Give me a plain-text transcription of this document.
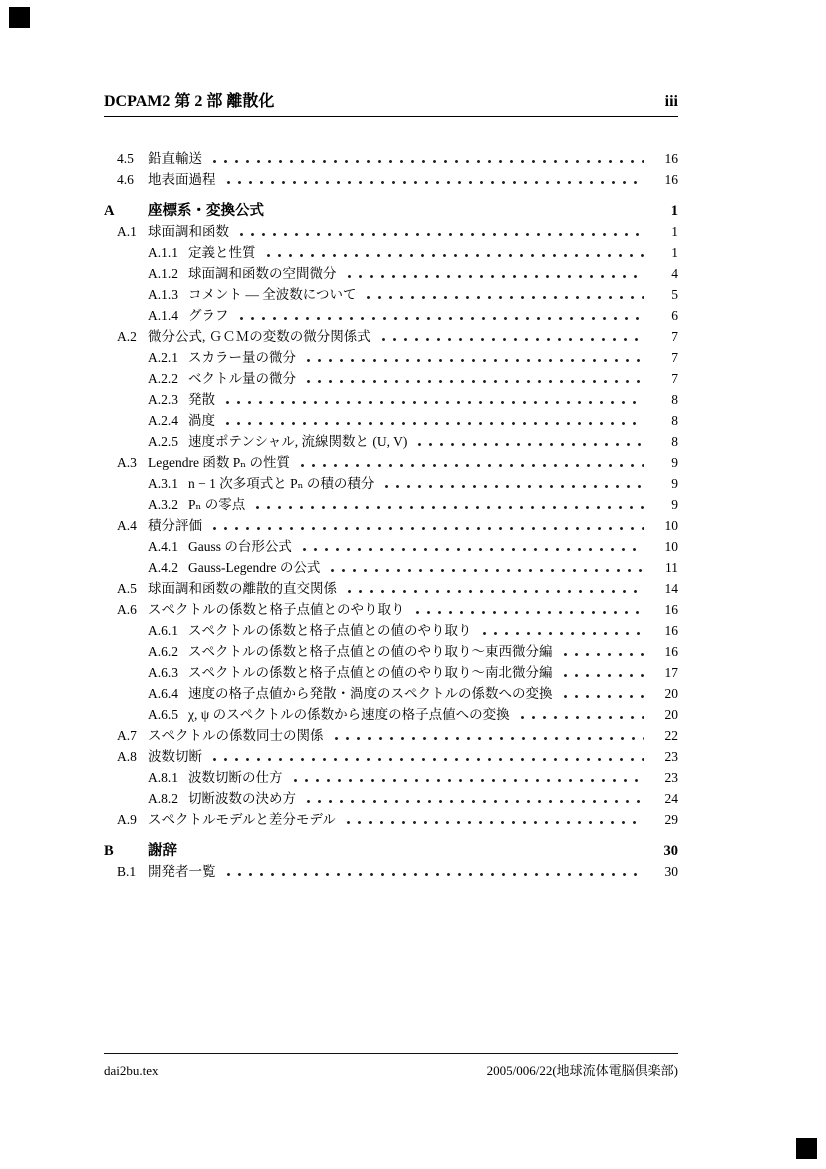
DCPAM2 第 2 部 離散化	iii
4.5	鉛直輸送	16
4.6	地表面過程	16
A	座標系・変換公式	1
A.1 球面調和函数	1
A.1.1 定義と性質	1
A.1.2 球面調和函数の空間微分	4
A.1.3 コメント — 全波数について	5
A.1.4 グラフ	6
A.2 微分公式, ＧＣＭの変数の微分関係式	7
A.2.1 スカラー量の微分	7
A.2.2 ベクトル量の微分	7
A.2.3 発散	8
A.2.4 渦度	8
A.2.5 速度ポテンシャル, 流線関数と (U, V)	8
A.3 Legendre 函数 Pₙ の性質	9
A.3.1 n − 1 次多項式と Pₙ の積の積分	9
A.3.2 Pₙ の零点	9
A.4 積分評価	10
A.4.1 Gauss の台形公式	10
A.4.2 Gauss-Legendre の公式	11
A.5 球面調和函数の離散的直交関係	14
A.6 スペクトルの係数と格子点値とのやり取り	16
A.6.1 スペクトルの係数と格子点値との値のやり取り	16
A.6.2 スペクトルの係数と格子点値との値のやり取り〜東西微分編	16
A.6.3 スペクトルの係数と格子点値との値のやり取り〜南北微分編	17
A.6.4 速度の格子点値から発散・渦度のスペクトルの係数への変換	20
A.6.5 χ, ψ のスペクトルの係数から速度の格子点値への変換	20
A.7 スペクトルの係数同士の関係	22
A.8 波数切断	23
A.8.1 波数切断の仕方	23
A.8.2 切断波数の決め方	24
A.9 スペクトルモデルと差分モデル	29
B	謝辞	30
B.1 開発者一覧	30
dai2bu.tex	2005/006/22(地球流体電脳倶楽部)
